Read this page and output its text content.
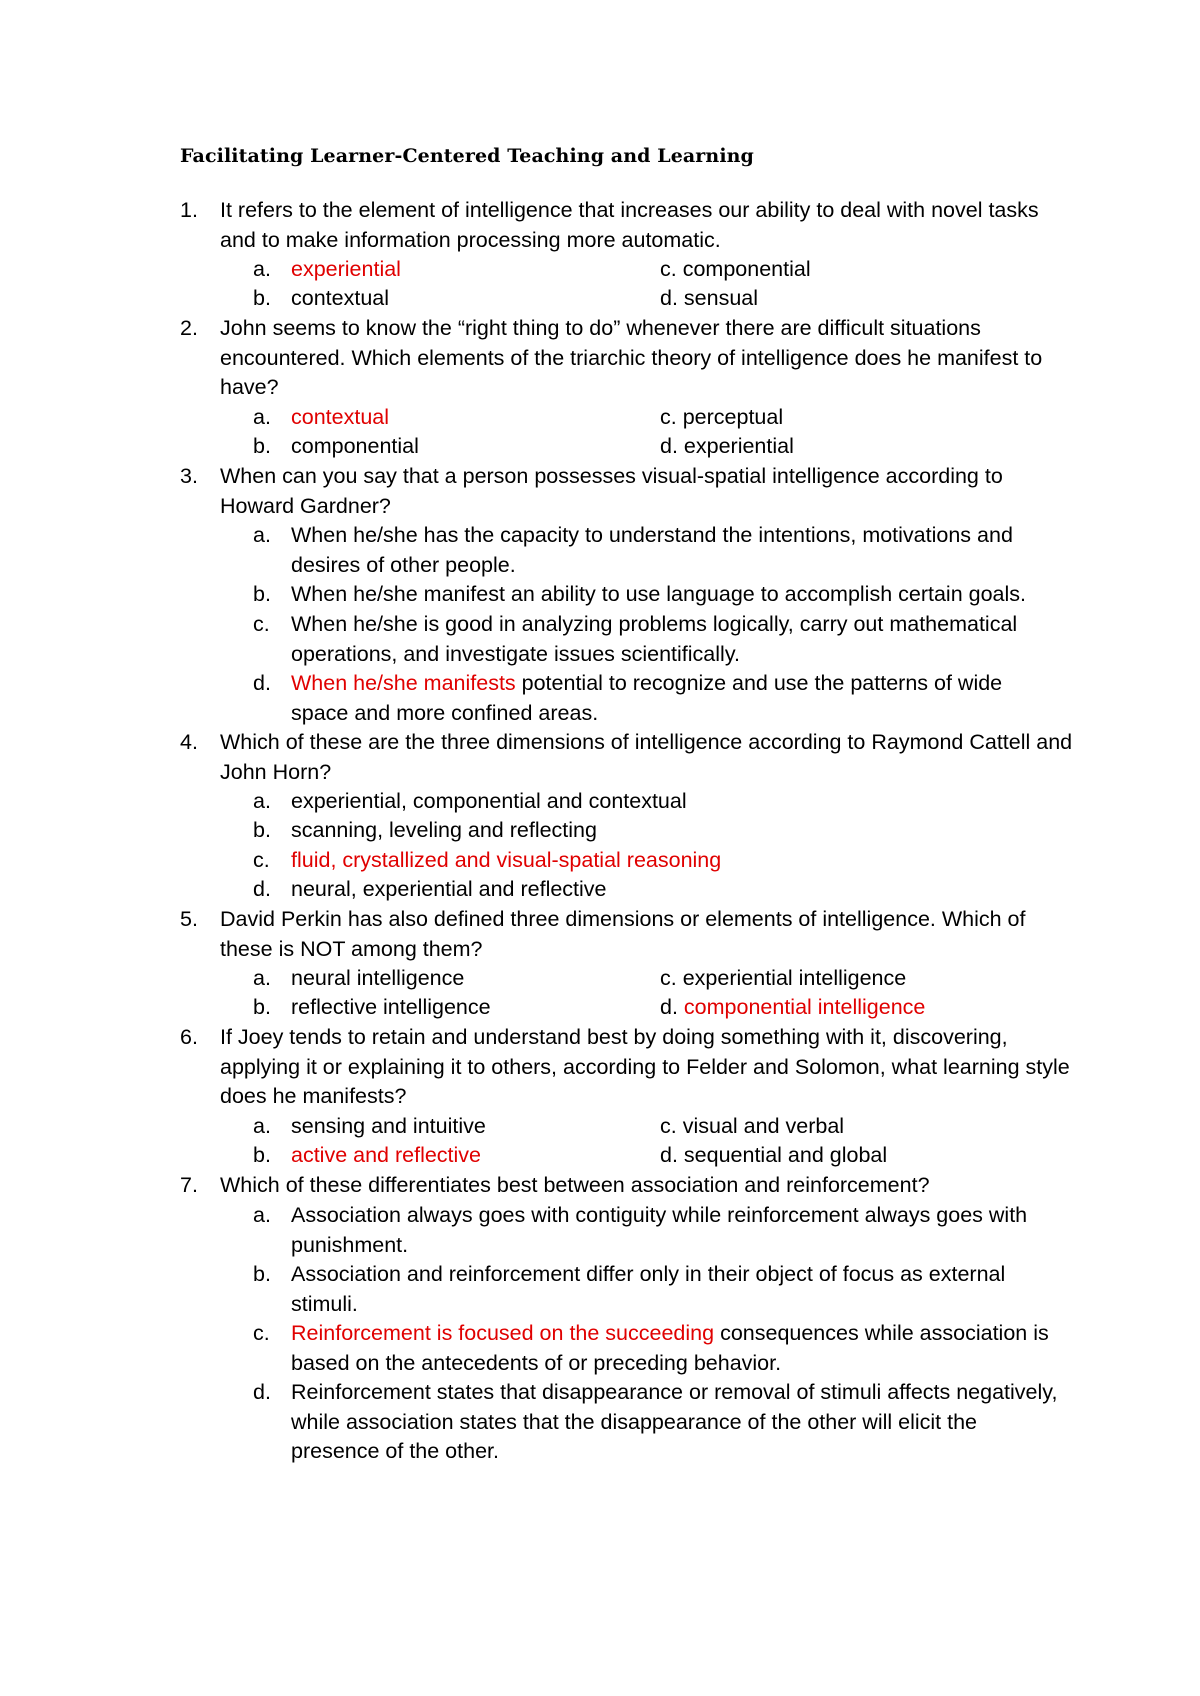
Facilitating Learner-Centered Teaching and Learning
1. It refers to the element of intelligence that increases our ability to deal with novel tasks and to make information processing more automatic.
a. experiential
b. contextual
c. componential
d. sensual
2. John seems to know the “right thing to do” whenever there are difficult situations encountered. Which elements of the triarchic theory of intelligence does he manifest to have?
a. contextual
b. componential
c. perceptual
d. experiential
3. When can you say that a person possesses visual-spatial intelligence according to Howard Gardner?
a. When he/she has the capacity to understand the intentions, motivations and desires of other people.
b. When he/she manifest an ability to use language to accomplish certain goals.
c. When he/she is good in analyzing problems logically, carry out mathematical operations, and investigate issues scientifically.
d. When he/she manifests potential to recognize and use the patterns of wide space and more confined areas.
4. Which of these are the three dimensions of intelligence according to Raymond Cattell and John Horn?
a. experiential, componential and contextual
b. scanning, leveling and reflecting
c. fluid, crystallized and visual-spatial reasoning
d. neural, experiential and reflective
5. David Perkin has also defined three dimensions or elements of intelligence. Which of these is NOT among them?
a. neural intelligence
b. reflective intelligence
c. experiential intelligence
d. componential intelligence
6. If Joey tends to retain and understand best by doing something with it, discovering, applying it or explaining it to others, according to Felder and Solomon, what learning style does he manifests?
a. sensing and intuitive
b. active and reflective
c. visual and verbal
d. sequential and global
7. Which of these differentiates best between association and reinforcement?
a. Association always goes with contiguity while reinforcement always goes with punishment.
b. Association and reinforcement differ only in their object of focus as external stimuli.
c. Reinforcement is focused on the succeeding consequences while association is based on the antecedents of or preceding behavior.
d. Reinforcement states that disappearance or removal of stimuli affects negatively, while association states that the disappearance of the other will elicit the presence of the other.
